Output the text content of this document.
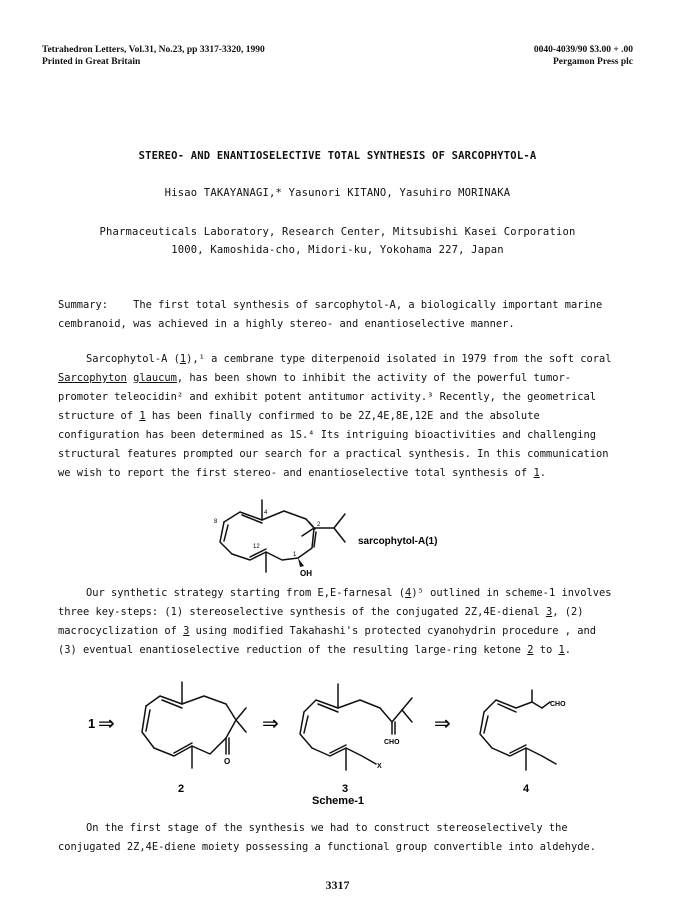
Tetrahedron Letters, Vol.31, No.23, pp 3317-3320, 1990
Printed in Great Britain
0040-4039/90 $3.00 + .00
Pergamon Press plc
STEREO- AND ENANTIOSELECTIVE TOTAL SYNTHESIS OF SARCOPHYTOL-A
Hisao TAKAYANAGI,* Yasunori KITANO, Yasuhiro MORINAKA
Pharmaceuticals Laboratory, Research Center, Mitsubishi Kasei Corporation
1000, Kamoshida-cho, Midori-ku, Yokohama 227, Japan

Summary: The first total synthesis of sarcophytol-A, a biologically important marine

cembranoid, was achieved in a highly stereo- and enantioselective manner.

Sarcophytol-A (1),¹ a cembrane type diterpenoid isolated in 1979 from the soft coral

Sarcophyton glaucum, has been shown to inhibit the activity of the powerful tumor-

promoter teleocidin² and exhibit potent antitumor activity.³ Recently, the geometrical

structure of 1 has been finally confirmed to be 2Z,4E,8E,12E and the absolute

configuration has been determined as 1S.⁴ Its intriguing bioactivities and challenging

structural features prompted our search for a practical synthesis. In this communication

we wish to report the first stereo- and enantioselective total synthesis of 1.

8
4
2
12
1
OH
sarcophytol-A(1)

Our synthetic strategy starting from E,E-farnesal (4)⁵ outlined in scheme-1 involves

three key-steps: (1) stereoselective synthesis of the conjugated 2Z,4E-dienal 3, (2)

macrocyclization of 3 using modified Takahashi's protected cyanohydrin procedure , and

(3) eventual enantioselective reduction of the resulting large-ring ketone 2 to 1.

1 ⇒
O
2
⇒
CHO
X
3
Scheme-1
⇒
CHO
4

On the first stage of the synthesis we had to construct stereoselectively the

conjugated 2Z,4E-diene moiety possessing a functional group convertible into aldehyde.

3317
